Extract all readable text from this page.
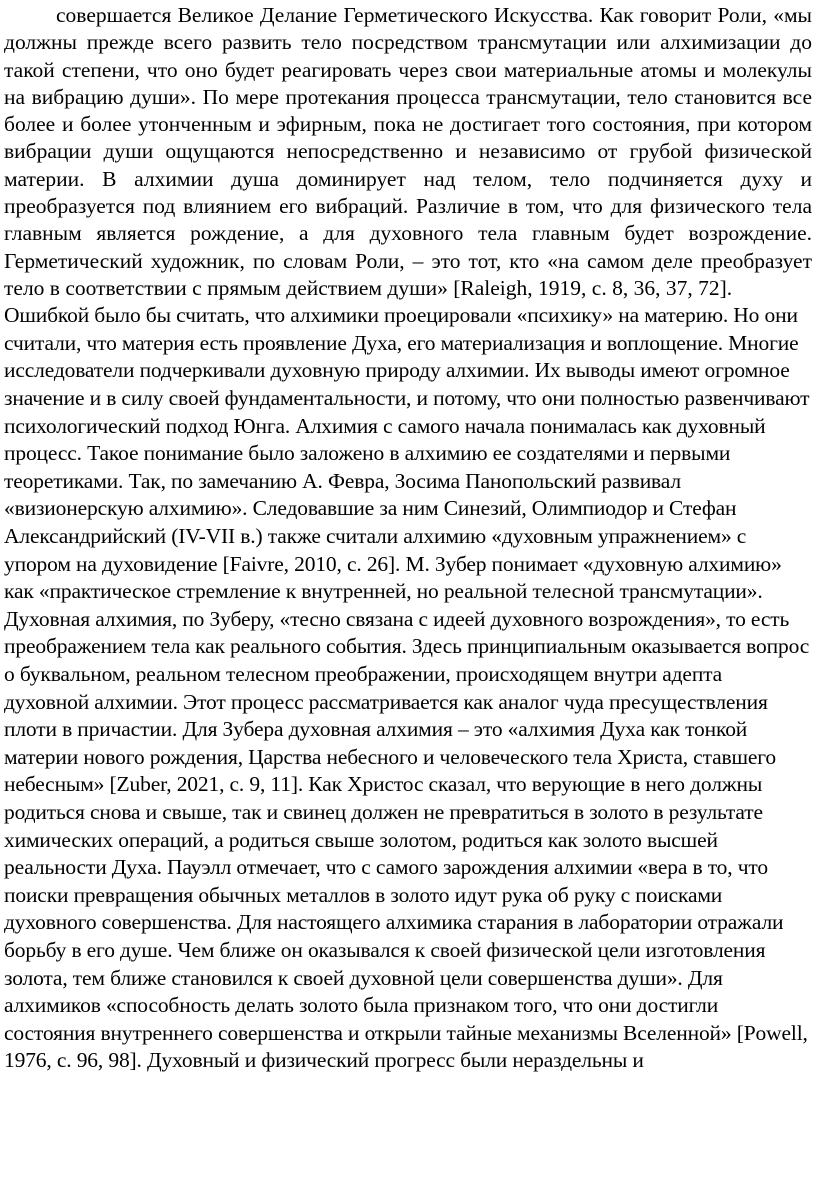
совершается Великое Делание Герметического Искусства. Как говорит Роли, «мы должны прежде всего развить тело посредством трансмутации или алхимизации до такой степени, что оно будет реагировать через свои материальные атомы и молекулы на вибрацию души». По мере протекания процесса трансмутации, тело становится все более и более утонченным и эфирным, пока не достигает того состояния, при котором вибрации души ощущаются непосредственно и независимо от грубой физической материи. В алхимии душа доминирует над телом, тело подчиняется духу и преобразуется под влиянием его вибраций. Различие в том, что для физического тела главным является рождение, а для духовного тела главным будет возрождение. Герметический художник, по словам Роли, – это тот, кто «на самом деле преобразует тело в соответствии с прямым действием души» [Raleigh, 1919, с. 8, 36, 37, 72].

Ошибкой было бы считать, что алхимики проецировали «психику» на материю. Но они считали, что материя есть проявление Духа, его материализация и воплощение. Многие исследователи подчеркивали духовную природу алхимии. Их выводы имеют огромное значение и в силу своей фундаментальности, и потому, что они полностью развенчивают психологический подход Юнга. Алхимия с самого начала понималась как духовный процесс. Такое понимание было заложено в алхимию ее создателями и первыми теоретиками. Так, по замечанию А. Февра, Зосима Панопольский развивал «визионерскую алхимию». Следовавшие за ним Синезий, Олимпиодор и Стефан Александрийский (IV-VII в.) также считали алхимию «духовным упражнением» с упором на духовидение [Faivre, 2010, с. 26]. М. Зубер понимает «духовную алхимию» как «практическое стремление к внутренней, но реальной телесной трансмутации». Духовная алхимия, по Зуберу, «тесно связана с идеей духовного возрождения», то есть преображением тела как реального события. Здесь принципиальным оказывается вопрос о буквальном, реальном телесном преображении, происходящем внутри адепта духовной алхимии. Этот процесс рассматривается как аналог чуда пресуществления плоти в причастии. Для Зубера духовная алхимия – это «алхимия Духа как тонкой материи нового рождения, Царства небесного и человеческого тела Христа, ставшего небесным» [Zuber, 2021, с. 9, 11]. Как Христос сказал, что верующие в него должны родиться снова и свыше, так и свинец должен не превратиться в золото в результате химических операций, а родиться свыше золотом, родиться как золото высшей реальности Духа. Пауэлл отмечает, что с самого зарождения алхимии «вера в то, что поиски превращения обычных металлов в золото идут рука об руку с поисками духовного совершенства. Для настоящего алхимика старания в лаборатории отражали борьбу в его душе. Чем ближе он оказывался к своей физической цели изготовления золота, тем ближе становился к своей духовной цели совершенства души». Для алхимиков «способность делать золото была признаком того, что они достигли состояния внутреннего совершенства и открыли тайные механизмы Вселенной» [Powell, 1976, с. 96, 98]. Духовный и физический прогресс были нераздельны и
